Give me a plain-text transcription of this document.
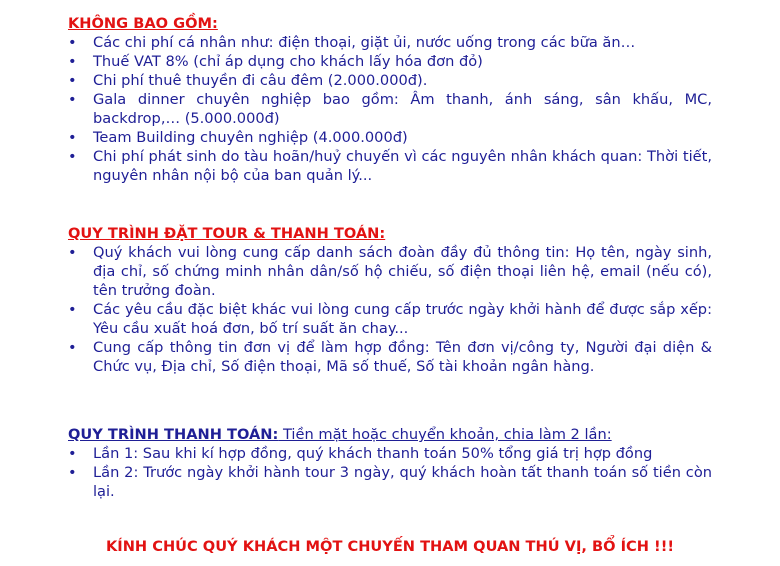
KHÔNG BAO GỒM:
•	Các chi phí cá nhân như: điện thoại, giặt ủi, nước uống trong các bữa ăn…
•	Thuế VAT 8% (chỉ áp dụng cho khách lấy hóa đơn đỏ)
•	Chi phí thuê thuyền đi câu đêm (2.000.000đ).
•	Gala dinner chuyên nghiệp bao gồm: Âm thanh, ánh sáng, sân khấu, MC, backdrop,… (5.000.000đ)
•	Team Building chuyên nghiệp (4.000.000đ)
•	Chi phí phát sinh do tàu hoãn/huỷ chuyến vì các nguyên nhân khách quan: Thời tiết, nguyên nhân nội bộ của ban quản lý...
QUY TRÌNH ĐẶT TOUR & THANH TOÁN:
•	Quý khách vui lòng cung cấp danh sách đoàn đầy đủ thông tin: Họ tên, ngày sinh, địa chỉ, số chứng minh nhân dân/số hộ chiếu, số điện thoại liên hệ, email (nếu có), tên trưởng đoàn.
•	Các yêu cầu đặc biệt khác vui lòng cung cấp trước ngày khởi hành để được sắp xếp: Yêu cầu xuất hoá đơn, bố trí suất ăn chay...
•	Cung cấp thông tin đơn vị để làm hợp đồng: Tên đơn vị/công ty, Người đại diện & Chức vụ, Địa chỉ, Số điện thoại, Mã số thuế, Số tài khoản ngân hàng.
QUY TRÌNH THANH TOÁN: Tiền mặt hoặc chuyển khoản, chia làm 2 lần:
•	Lần 1: Sau khi kí hợp đồng, quý khách thanh toán 50% tổng giá trị hợp đồng
•	Lần 2: Trước ngày khởi hành tour 3 ngày, quý khách hoàn tất thanh toán số tiền còn lại.
KÍNH CHÚC QUÝ KHÁCH MỘT CHUYẾN THAM QUAN THÚ VỊ, BỔ ÍCH !!!
